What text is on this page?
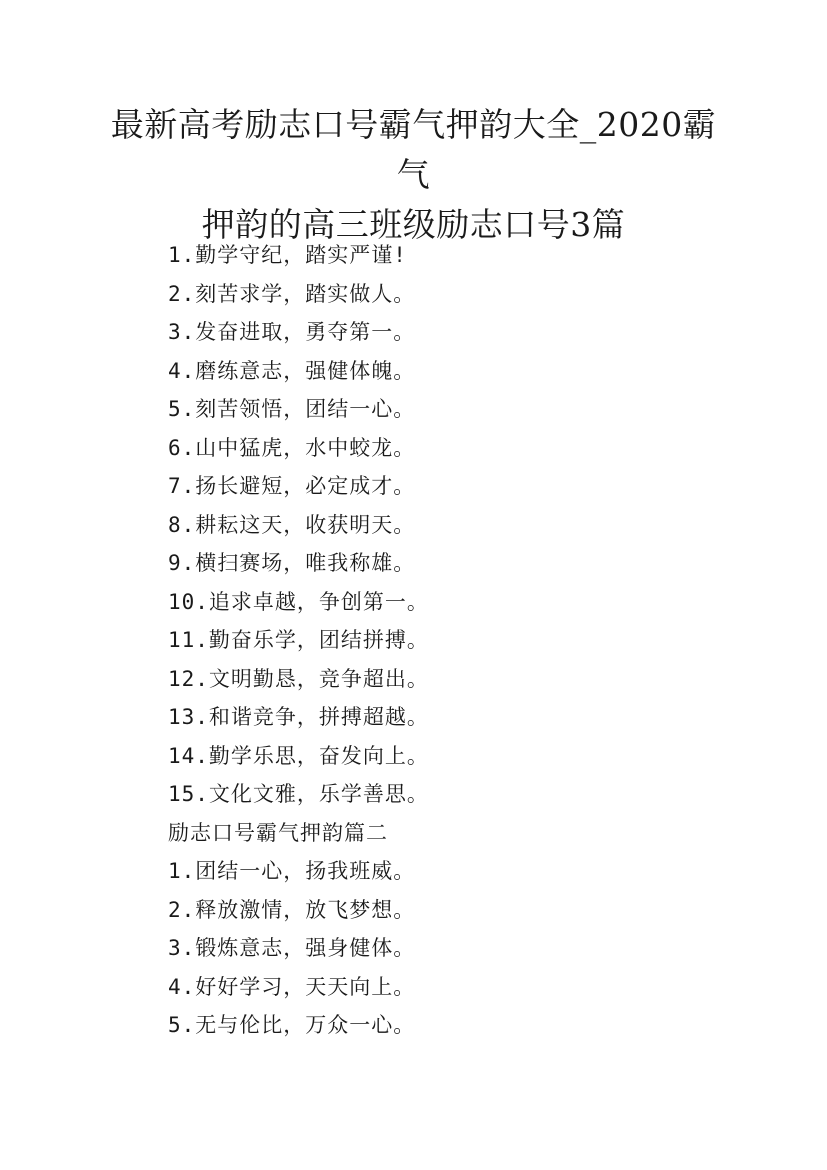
最新高考励志口号霸气押韵大全_2020霸气
押韵的高三班级励志口号3篇
1.勤学守纪，踏实严谨!
2.刻苦求学，踏实做人。
3.发奋进取，勇夺第一。
4.磨练意志，强健体魄。
5.刻苦领悟，团结一心。
6.山中猛虎，水中蛟龙。
7.扬长避短，必定成才。
8.耕耘这天，收获明天。
9.横扫赛场，唯我称雄。
10.追求卓越，争创第一。
11.勤奋乐学，团结拼搏。
12.文明勤恳，竞争超出。
13.和谐竞争，拼搏超越。
14.勤学乐思，奋发向上。
15.文化文雅，乐学善思。
励志口号霸气押韵篇二
1.团结一心，扬我班威。
2.释放激情，放飞梦想。
3.锻炼意志，强身健体。
4.好好学习，天天向上。
5.无与伦比，万众一心。
